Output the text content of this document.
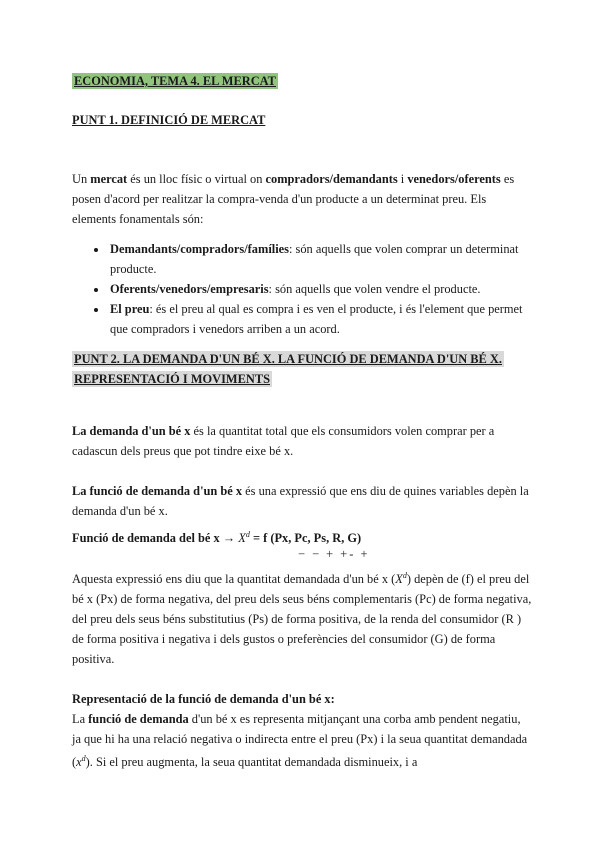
ECONOMIA, TEMA 4. EL MERCAT
PUNT 1. DEFINICIÓ DE MERCAT

Un mercat és un lloc físic o virtual on compradors/demandants i venedors/oferents es posen d'acord per realitzar la compra-venda d'un producte a un determinat preu. Els elements fonamentals són:

• Demandants/compradors/famílies: són aquells que volen comprar un determinat producte.
• Oferents/venedors/empresaris: són aquells que volen vendre el producte.
• El preu: és el preu al qual es compra i es ven el producte, i és l'element que permet que compradors i venedors arriben a un acord.
PUNT 2. LA DEMANDA D'UN BÉ X. LA FUNCIÓ DE DEMANDA D'UN BÉ X.
REPRESENTACIÓ I MOVIMENTS

La demanda d'un bé x és la quantitat total que els consumidors volen comprar per a cadascun dels preus que pot tindre eixe bé x.

La funció de demanda d'un bé x és una expressió que ens diu de quines variables depèn la demanda d'un bé x.

Funció de demanda del bé $x \to X^d = f$ (Px, Pc, Ps, R, G)

− − + +- +

Aquesta expressió ens diu que la quantitat demandada d'un bé x $(X^d)$ depèn de (f) el preu del bé x (Px) de forma negativa, del preu dels seus béns complementaris (Pc) de forma negativa, del preu dels seus béns substitutius (Ps) de forma positiva, de la renda del consumidor (R ) de forma positiva i negativa i dels gustos o preferències del consumidor (G) de forma positiva.

Representació de la funció de demanda d'un bé x:

La funció de demanda d'un bé x es representa mitjançant una corba amb pendent negatiu, ja que hi ha una relació negativa o indirecta entre el preu (Px) i la seua quantitat demandada $(x^d)$. Si el preu augmenta, la seua quantitat demandada disminueix, i a
